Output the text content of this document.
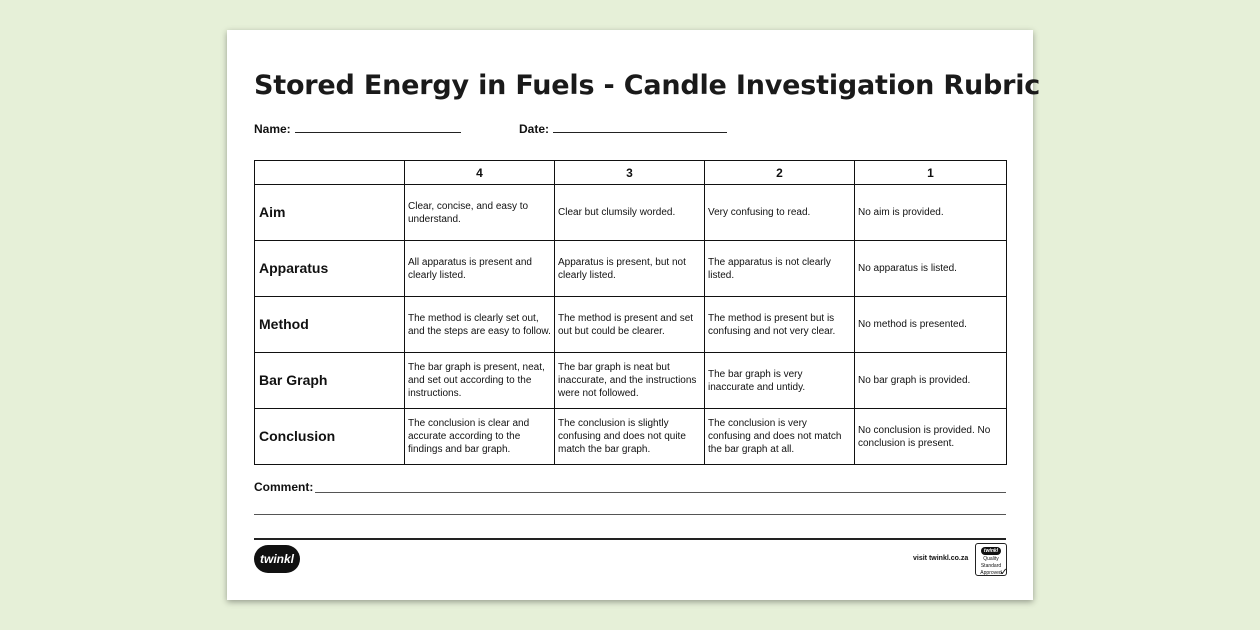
Stored Energy in Fuels - Candle Investigation Rubric
Name:	Date:
	4	3	2	1
Aim	Clear, concise, and easy to understand.	Clear but clumsily worded.	Very confusing to read.	No aim is provided.
Apparatus	All apparatus is present and clearly listed.	Apparatus is present, but not clearly listed.	The apparatus is not clearly listed.	No apparatus is listed.
Method	The method is clearly set out, and the steps are easy to follow.	The method is present and set out but could be clearer.	The method is present but is confusing and not very clear.	No method is presented.
Bar Graph	The bar graph is present, neat, and set out according to the instructions.	The bar graph is neat but inaccurate, and the instructions were not followed.	The bar graph is very inaccurate and untidy.	No bar graph is provided.
Conclusion	The conclusion is clear and accurate according to the findings and bar graph.	The conclusion is slightly confusing and does not quite match the bar graph.	The conclusion is very confusing and does not match the bar graph at all.	No conclusion is provided. No conclusion is present.
Comment:
twinkl	visit twinkl.co.za
twinkl
Quality Standard Approved
✓
